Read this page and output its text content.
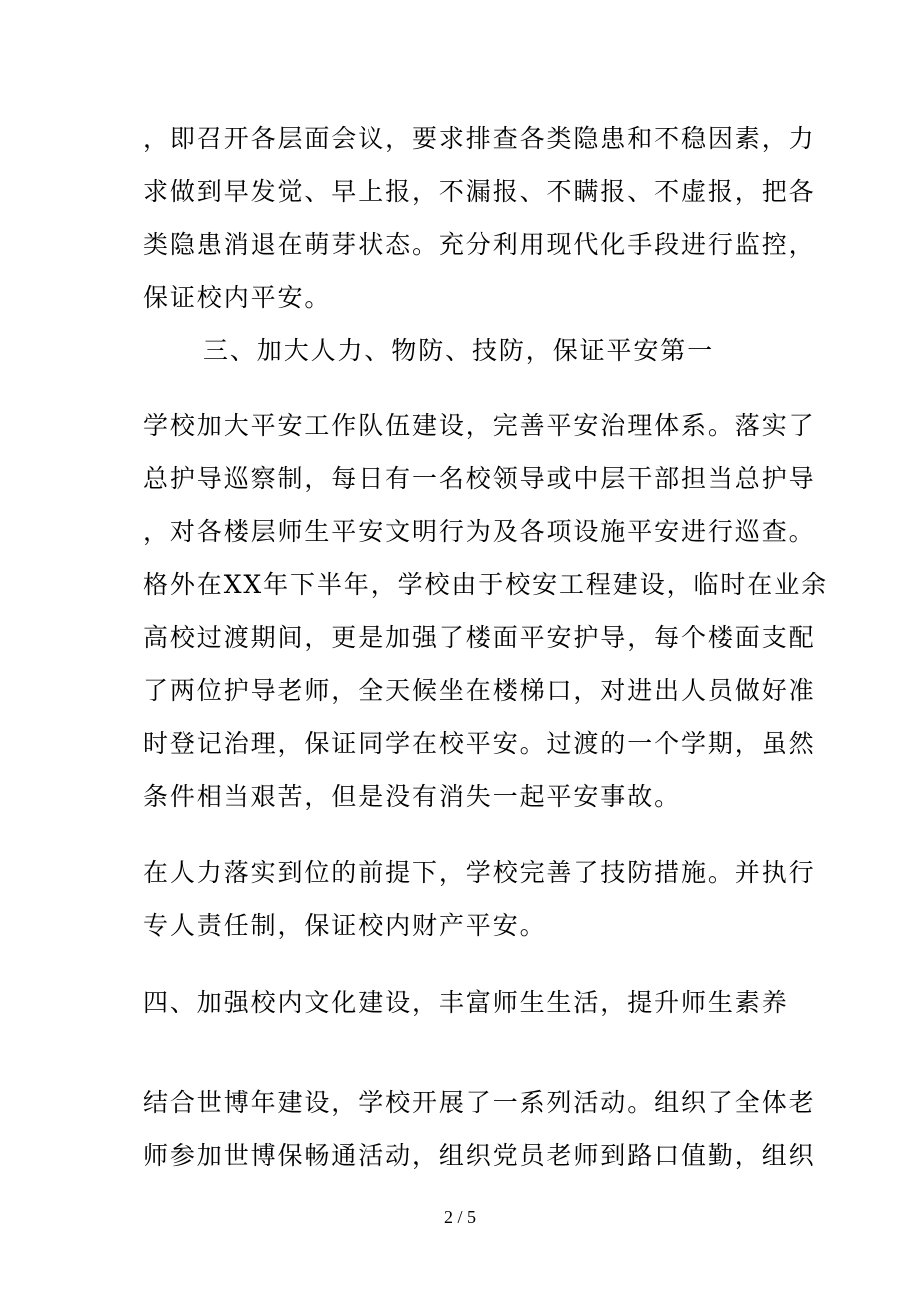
，即召开各层面会议，要求排查各类隐患和不稳因素，力
求做到早发觉、早上报，不漏报、不瞒报、不虚报，把各
类隐患消退在萌芽状态。充分利用现代化手段进行监控，
保证校内平安。
三、加大人力、物防、技防，保证平安第一
学校加大平安工作队伍建设，完善平安治理体系。落实了
总护导巡察制，每日有一名校领导或中层干部担当总护导
，对各楼层师生平安文明行为及各项设施平安进行巡查。
格外在XX年下半年，学校由于校安工程建设，临时在业余
高校过渡期间，更是加强了楼面平安护导，每个楼面支配
了两位护导老师，全天候坐在楼梯口，对进出人员做好准
时登记治理，保证同学在校平安。过渡的一个学期，虽然
条件相当艰苦，但是没有消失一起平安事故。
在人力落实到位的前提下，学校完善了技防措施。并执行
专人责任制，保证校内财产平安。
四、加强校内文化建设，丰富师生生活，提升师生素养
结合世博年建设，学校开展了一系列活动。组织了全体老
师参加世博保畅通活动，组织党员老师到路口值勤，组织
2 / 5
